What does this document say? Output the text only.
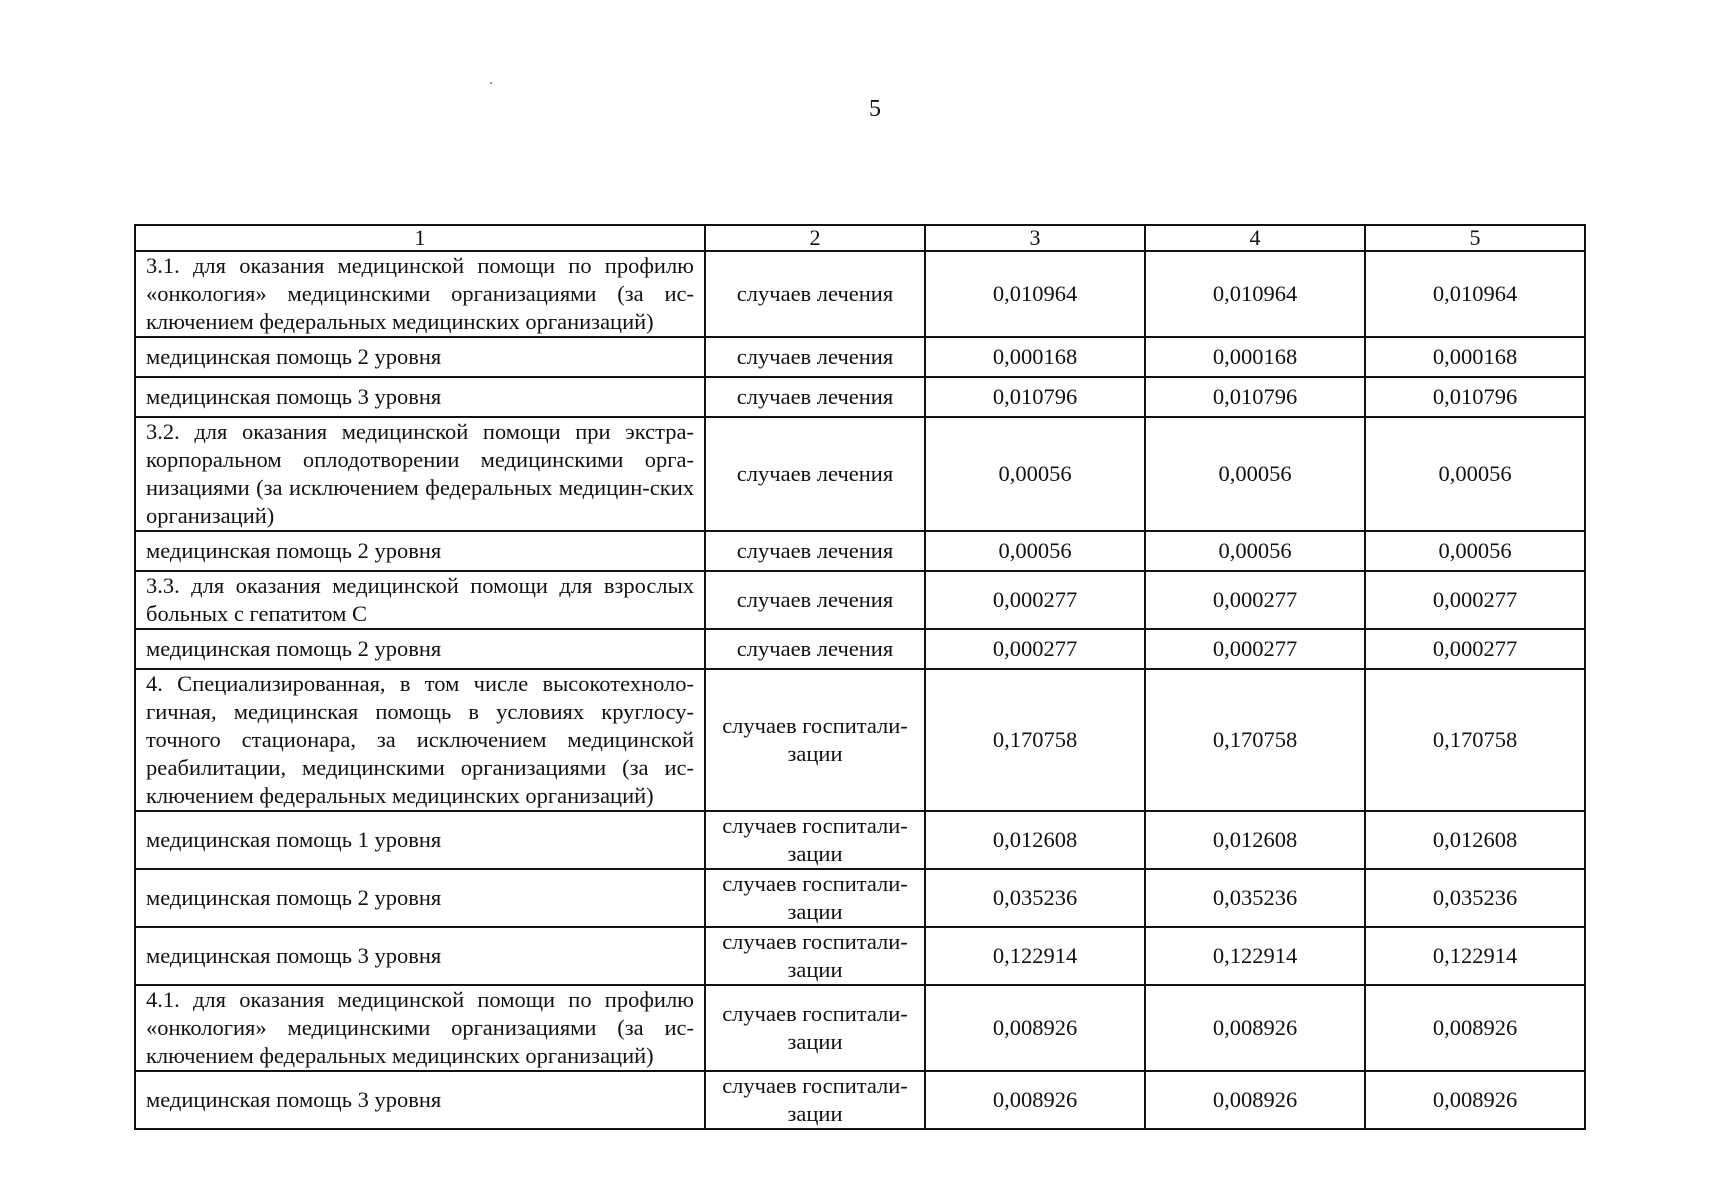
5
1	2	3	4	5
3.1. для оказания медицинской помощи по профилю «онкология» медицинскими организациями (за ис-ключением федеральных медицинских организаций)	случаев лечения	0,010964	0,010964	0,010964
медицинская помощь 2 уровня	случаев лечения	0,000168	0,000168	0,000168
медицинская помощь 3 уровня	случаев лечения	0,010796	0,010796	0,010796
3.2. для оказания медицинской помощи при экстра-корпоральном оплодотворении медицинскими орга-низациями (за исключением федеральных медицин-ских организаций)	случаев лечения	0,00056	0,00056	0,00056
медицинская помощь 2 уровня	случаев лечения	0,00056	0,00056	0,00056
3.3. для оказания медицинской помощи для взрослых больных с гепатитом С	случаев лечения	0,000277	0,000277	0,000277
медицинская помощь 2 уровня	случаев лечения	0,000277	0,000277	0,000277
4. Специализированная, в том числе высокотехноло-гичная, медицинская помощь в условиях круглосу-точного стационара, за исключением медицинской реабилитации, медицинскими организациями (за ис-ключением федеральных медицинских организаций)	случаев госпитали-зации	0,170758	0,170758	0,170758
медицинская помощь 1 уровня	случаев госпитали-зации	0,012608	0,012608	0,012608
медицинская помощь 2 уровня	случаев госпитали-зации	0,035236	0,035236	0,035236
медицинская помощь 3 уровня	случаев госпитали-зации	0,122914	0,122914	0,122914
4.1. для оказания медицинской помощи по профилю «онкология» медицинскими организациями (за ис-ключением федеральных медицинских организаций)	случаев госпитали-зации	0,008926	0,008926	0,008926
медицинская помощь 3 уровня	случаев госпитали-зации	0,008926	0,008926	0,008926
